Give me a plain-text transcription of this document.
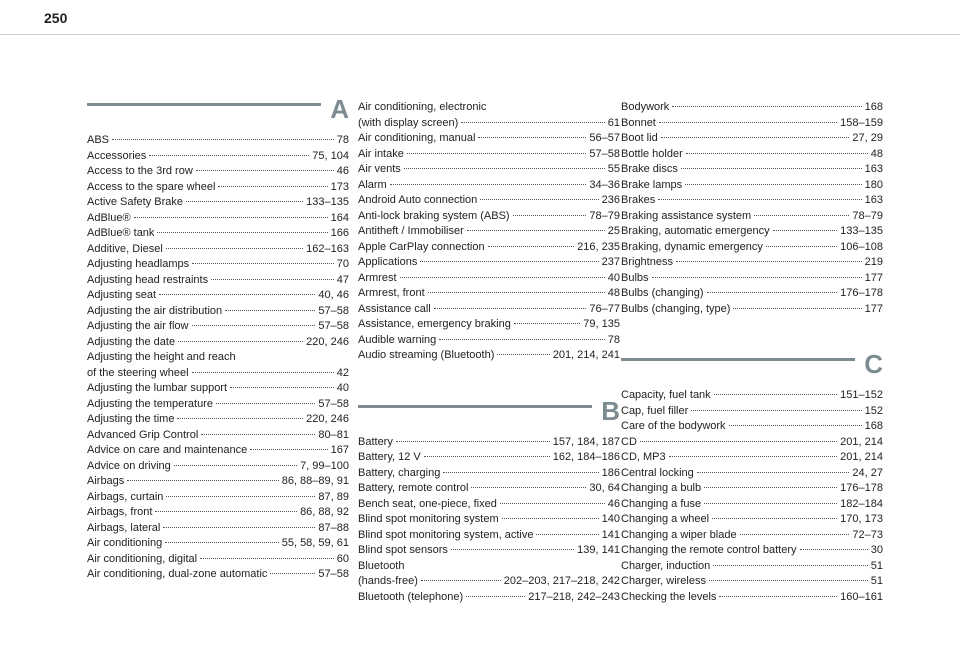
250
A
ABS	78
Accessories	75, 104
Access to the 3rd row	46
Access to the spare wheel	173
Active Safety Brake	133–135
AdBlue®	164
AdBlue® tank	166
Additive, Diesel	162–163
Adjusting headlamps	70
Adjusting head restraints	47
Adjusting seat	40, 46
Adjusting the air distribution	57–58
Adjusting the air flow	57–58
Adjusting the date	220, 246
Adjusting the height and reach
of the steering wheel	42
Adjusting the lumbar support	40
Adjusting the temperature	57–58
Adjusting the time	220, 246
Advanced Grip Control	80–81
Advice on care and maintenance	167
Advice on driving	7, 99–100
Airbags	86, 88–89, 91
Airbags, curtain	87, 89
Airbags, front	86, 88, 92
Airbags, lateral	87–88
Air conditioning	55, 58, 59, 61
Air conditioning, digital	60
Air conditioning, dual-zone automatic	57–58
Air conditioning, electronic
(with display screen)	61
Air conditioning, manual	56–57
Air intake	57–58
Air vents	55
Alarm	34–36
Android Auto connection	236
Anti-lock braking system (ABS)	78–79
Antitheft / Immobiliser	25
Apple CarPlay connection	216, 235
Applications	237
Armrest	40
Armrest, front	48
Assistance call	76–77
Assistance, emergency braking	79, 135
Audible warning	78
Audio streaming (Bluetooth)	201, 214, 241
B
Battery	157, 184, 187
Battery, 12 V	162, 184–186
Battery, charging	186
Battery, remote control	30, 64
Bench seat, one-piece, fixed	46
Blind spot monitoring system	140
Blind spot monitoring system, active	141
Blind spot sensors	139, 141
Bluetooth
(hands-free)	202–203, 217–218, 242
Bluetooth (telephone)	217–218, 242–243
Bodywork	168
Bonnet	158–159
Boot lid	27, 29
Bottle holder	48
Brake discs	163
Brake lamps	180
Brakes	163
Braking assistance system	78–79
Braking, automatic emergency	133–135
Braking, dynamic emergency	106–108
Brightness	219
Bulbs	177
Bulbs (changing)	176–178
Bulbs (changing, type)	177
C
Capacity, fuel tank	151–152
Cap, fuel filler	152
Care of the bodywork	168
CD	201, 214
CD, MP3	201, 214
Central locking	24, 27
Changing a bulb	176–178
Changing a fuse	182–184
Changing a wheel	170, 173
Changing a wiper blade	72–73
Changing the remote control battery	30
Charger, induction	51
Charger, wireless	51
Checking the levels	160–161
